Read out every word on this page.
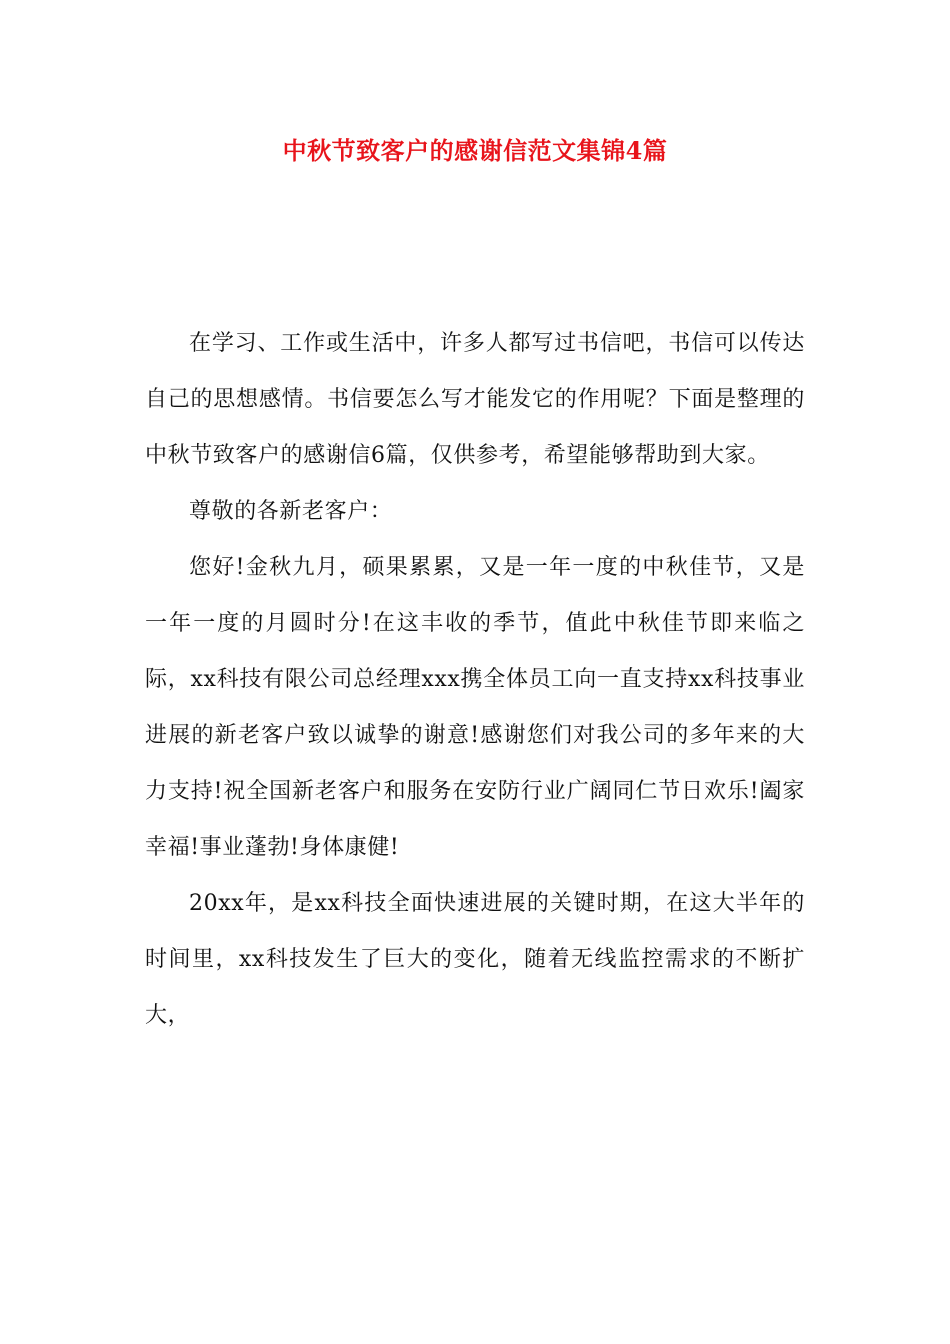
中秋节致客户的感谢信范文集锦4篇

在学习、工作或生活中，许多人都写过书信吧，书信可以传达自己的思想感情。书信要怎么写才能发它的作用呢？下面是整理的中秋节致客户的感谢信6篇，仅供参考，希望能够帮助到大家。

尊敬的各新老客户：

您好!金秋九月，硕果累累，又是一年一度的中秋佳节，又是一年一度的月圆时分!在这丰收的季节，值此中秋佳节即来临之际，xx科技有限公司总经理xxx携全体员工向一直支持xx科技事业进展的新老客户致以诚挚的谢意!感谢您们对我公司的多年来的大力支持!祝全国新老客户和服务在安防行业广阔同仁节日欢乐!阖家幸福!事业蓬勃!身体康健!

20xx年，是xx科技全面快速进展的关键时期，在这大半年的时间里，xx科技发生了巨大的变化，随着无线监控需求的不断扩大，
